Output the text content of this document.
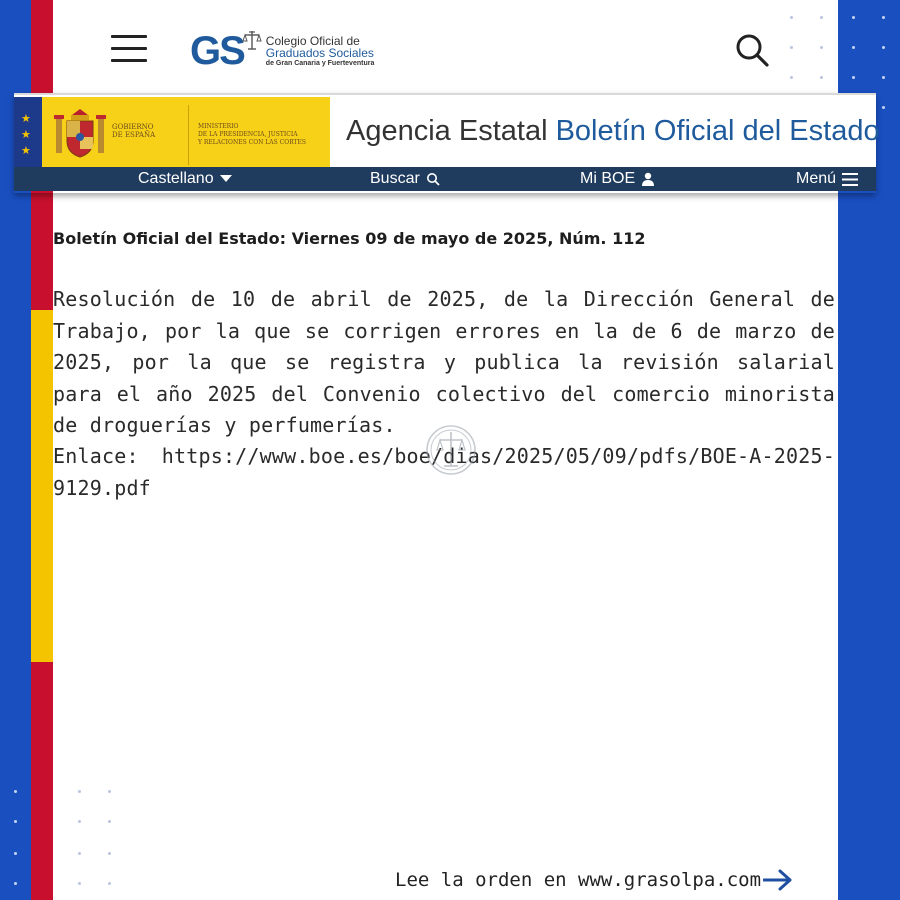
GS Colegio Oficial de
Graduados Sociales
de Gran Canaria y Fuerteventura
★
★
★
GOBIERNO
DE ESPAÑA
MINISTERIO
DE LA PRESIDENCIA, JUSTICIA
Y RELACIONES CON LAS CORTES Agencia Estatal Boletín Oficial del Estado
Castellano	Buscar	Mi BOE	Menú
Boletín Oficial del Estado: Viernes 09 de mayo de 2025, Núm. 112
Resolución de 10 de abril de 2025, de la Dirección General de Trabajo, por la que se corrigen errores en la de 6 de marzo de 2025, por la que se registra y publica la revisión salarial para el año 2025 del Convenio colectivo del comercio minorista de droguerías y perfumerías.
Enlace: https://www.boe.es/boe/dias/2025/05/09/pdfs/BOE-A-2025-9129.pdf
Lee la orden en www.grasolpa.com
